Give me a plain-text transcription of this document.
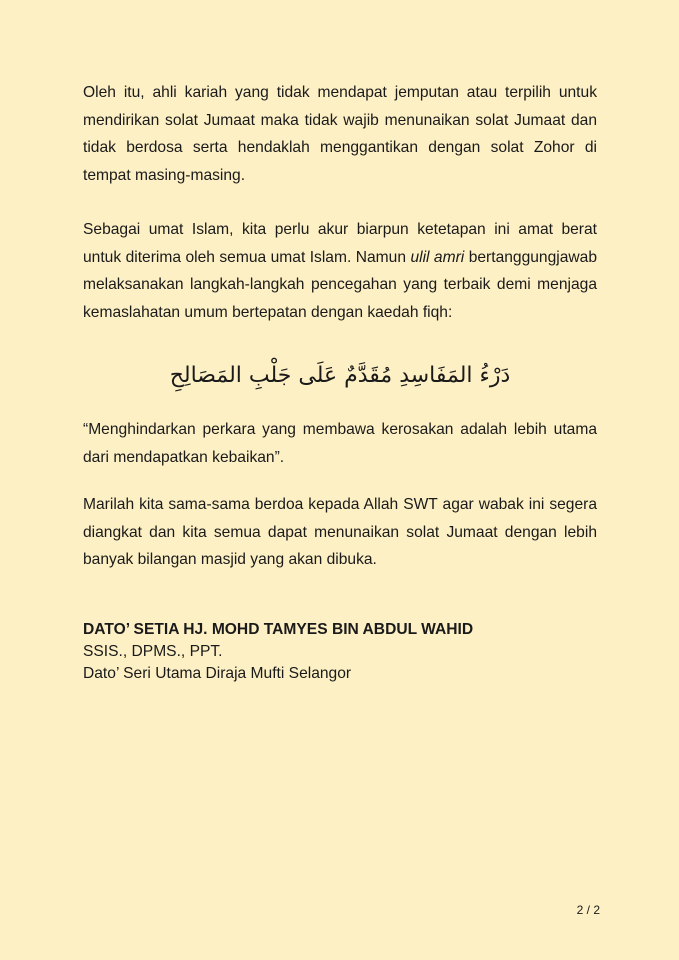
Oleh itu, ahli kariah yang tidak mendapat jemputan atau terpilih untuk mendirikan solat Jumaat maka tidak wajib menunaikan solat Jumaat dan tidak berdosa serta hendaklah menggantikan dengan solat Zohor di tempat masing-masing.

Sebagai umat Islam, kita perlu akur biarpun ketetapan ini amat berat untuk diterima oleh semua umat Islam. Namun ulil amri bertanggungjawab melaksanakan langkah-langkah pencegahan yang terbaik demi menjaga kemaslahatan umum bertepatan dengan kaedah fiqh:

دَرْءُ المَفَاسِدِ مُقَدَّمٌ عَلَى جَلْبِ المَصَالِحِ

“Menghindarkan perkara yang membawa kerosakan adalah lebih utama dari mendapatkan kebaikan”.

Marilah kita sama-sama berdoa kepada Allah SWT agar wabak ini segera diangkat dan kita semua dapat menunaikan solat Jumaat dengan lebih banyak bilangan masjid yang akan dibuka.

DATO’ SETIA HJ. MOHD TAMYES BIN ABDUL WAHID
SSIS., DPMS., PPT.
Dato’ Seri Utama Diraja Mufti Selangor
2 / 2
